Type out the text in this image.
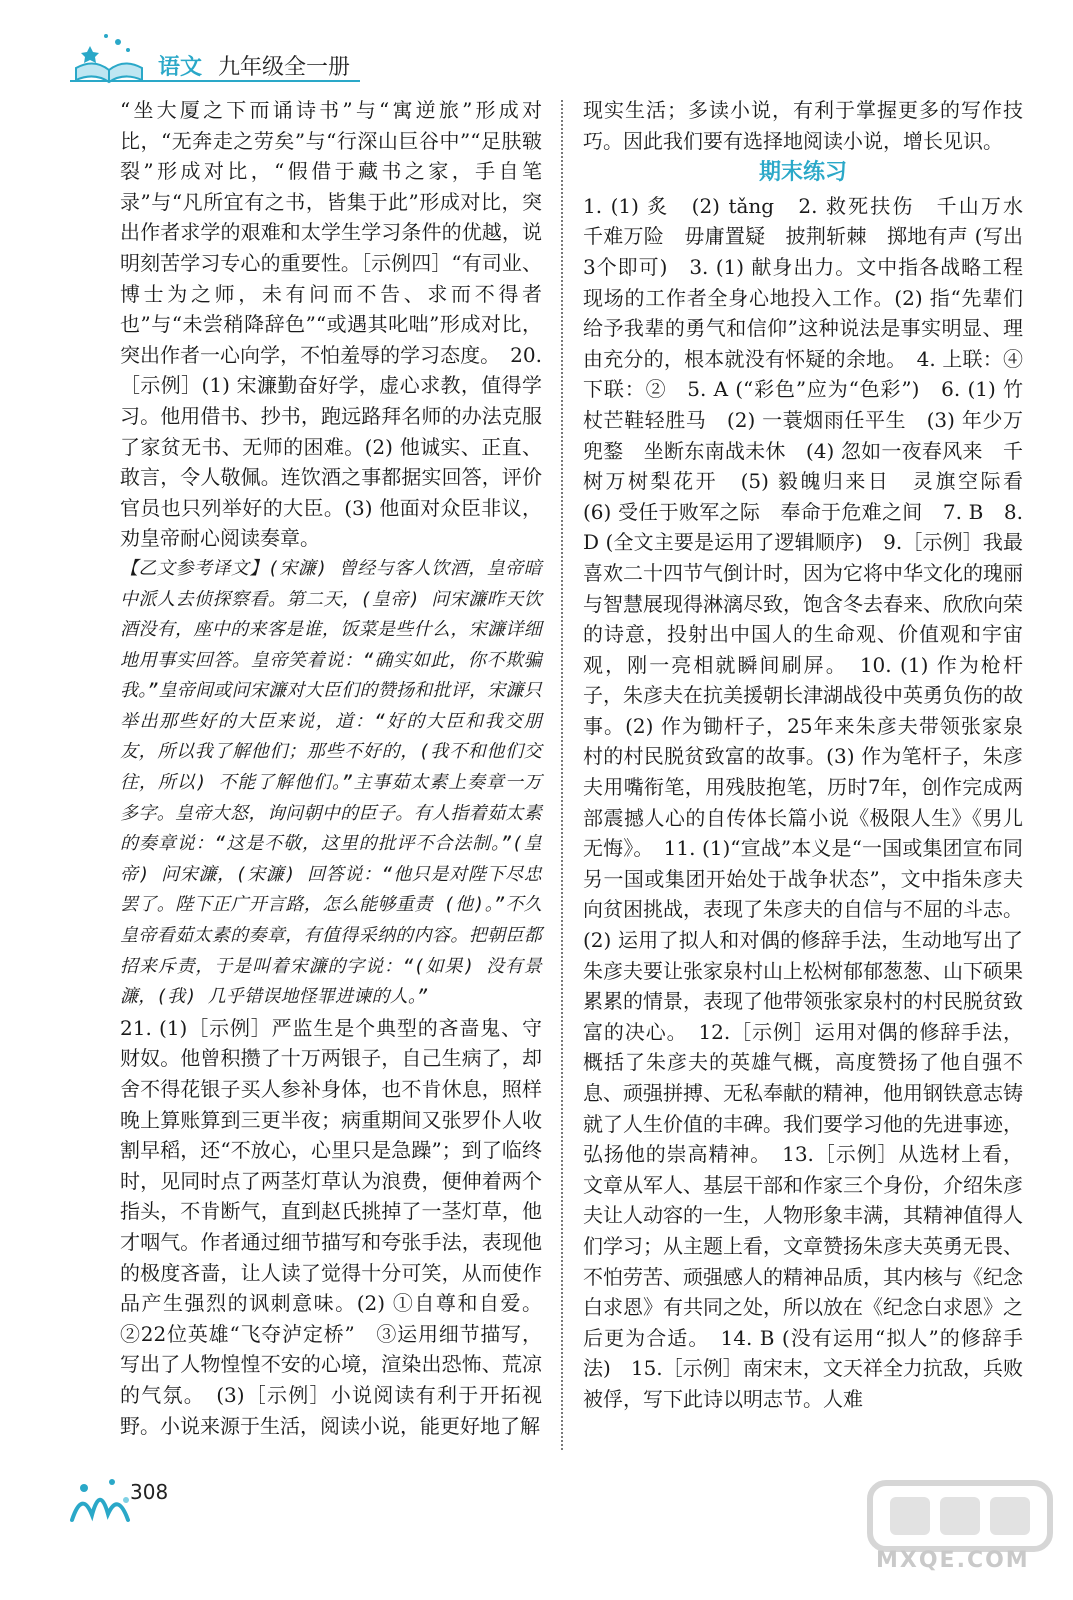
语文 九年级全一册

“坐大厦之下而诵诗书”与“寓逆旅”形成对比，“无奔走之劳矣”与“行深山巨谷中”“足肤皲裂”形成对比，“假借于藏书之家，手自笔录”与“凡所宜有之书，皆集于此”形成对比，突出作者求学的艰难和太学生学习条件的优越，说明刻苦学习专心的重要性。［示例四］“有司业、博士为之师，未有问而不告、求而不得者也”与“未尝稍降辞色”“或遇其叱咄”形成对比，突出作者一心向学，不怕羞辱的学习态度。　20.［示例］(1) 宋濂勤奋好学，虚心求教，值得学习。他用借书、抄书，跑远路拜名师的办法克服了家贫无书、无师的困难。(2) 他诚实、正直、敢言，令人敬佩。连饮酒之事都据实回答，评价官员也只列举好的大臣。(3) 他面对众臣非议，劝皇帝耐心阅读奏章。

【乙文参考译文】(宋濂) 曾经与客人饮酒，皇帝暗中派人去侦探察看。第二天，(皇帝) 问宋濂昨天饮酒没有，座中的来客是谁，饭菜是些什么，宋濂详细地用事实回答。皇帝笑着说：“确实如此，你不欺骗我。”皇帝间或问宋濂对大臣们的赞扬和批评，宋濂只举出那些好的大臣来说，道：“好的大臣和我交朋友，所以我了解他们；那些不好的，(我不和他们交往，所以) 不能了解他们。”主事茹太素上奏章一万多字。皇帝大怒，询问朝中的臣子。有人指着茹太素的奏章说：“这是不敬，这里的批评不合法制。”(皇帝) 问宋濂，(宋濂) 回答说：“他只是对陛下尽忠罢了。陛下正广开言路，怎么能够重责 (他)。”不久皇帝看茹太素的奏章，有值得采纳的内容。把朝臣都招来斥责，于是叫着宋濂的字说：“(如果) 没有景濂，(我) 几乎错误地怪罪进谏的人。”

21. (1)［示例］严监生是个典型的吝啬鬼、守财奴。他曾积攒了十万两银子，自己生病了，却舍不得花银子买人参补身体，也不肯休息，照样晚上算账算到三更半夜；病重期间又张罗仆人收割早稻，还“不放心，心里只是急躁”；到了临终时，见同时点了两茎灯草认为浪费，便伸着两个指头，不肯断气，直到赵氏挑掉了一茎灯草，他才咽气。作者通过细节描写和夸张手法，表现他的极度吝啬，让人读了觉得十分可笑，从而使作品产生强烈的讽刺意味。(2) ①自尊和自爱。②22位英雄“飞夺泸定桥”　③运用细节描写，写出了人物惶惶不安的心境，渲染出恐怖、荒凉的气氛。　(3)［示例］小说阅读有利于开拓视野。小说来源于生活，阅读小说，能更好地了解

现实生活；多读小说，有利于掌握更多的写作技巧。因此我们要有选择地阅读小说，增长见识。

期末练习

1. (1) 炙　(2) tǎng　2. 救死扶伤　千山万水　千难万险　毋庸置疑　披荆斩棘　掷地有声 (写出3个即可)　3. (1) 献身出力。文中指各战略工程现场的工作者全身心地投入工作。(2) 指“先辈们给予我辈的勇气和信仰”这种说法是事实明显、理由充分的，根本就没有怀疑的余地。　4. 上联：④　下联：②　5. A (“彩色”应为“色彩”)　6. (1) 竹杖芒鞋轻胜马　(2) 一蓑烟雨任平生　(3) 年少万兜鍪　坐断东南战未休　(4) 忽如一夜春风来　千树万树梨花开　(5) 毅魄归来日　灵旗空际看　(6) 受任于败军之际　奉命于危难之间　7. B　8. D (全文主要是运用了逻辑顺序)　9.［示例］我最喜欢二十四节气倒计时，因为它将中华文化的瑰丽与智慧展现得淋漓尽致，饱含冬去春来、欣欣向荣的诗意，投射出中国人的生命观、价值观和宇宙观，刚一亮相就瞬间刷屏。　10. (1) 作为枪杆子，朱彦夫在抗美援朝长津湖战役中英勇负伤的故事。(2) 作为锄杆子，25年来朱彦夫带领张家泉村的村民脱贫致富的故事。(3) 作为笔杆子，朱彦夫用嘴衔笔，用残肢抱笔，历时7年，创作完成两部震撼人心的自传体长篇小说《极限人生》《男儿无悔》。　11. (1)“宣战”本义是“一国或集团宣布同另一国或集团开始处于战争状态”，文中指朱彦夫向贫困挑战，表现了朱彦夫的自信与不屈的斗志。(2) 运用了拟人和对偶的修辞手法，生动地写出了朱彦夫要让张家泉村山上松树郁郁葱葱、山下硕果累累的情景，表现了他带领张家泉村的村民脱贫致富的决心。　12.［示例］运用对偶的修辞手法，概括了朱彦夫的英雄气概，高度赞扬了他自强不息、顽强拼搏、无私奉献的精神，他用钢铁意志铸就了人生价值的丰碑。我们要学习他的先进事迹，弘扬他的崇高精神。　13.［示例］从选材上看，文章从军人、基层干部和作家三个身份，介绍朱彦夫让人动容的一生，人物形象丰满，其精神值得人们学习；从主题上看，文章赞扬朱彦夫英勇无畏、不怕劳苦、顽强感人的精神品质，其内核与《纪念白求恩》有共同之处，所以放在《纪念白求恩》之后更为合适。　14. B (没有运用“拟人”的修辞手法)　15.［示例］南宋末，文天祥全力抗敌，兵败被俘，写下此诗以明志节。人难

308
MXQE.COM
